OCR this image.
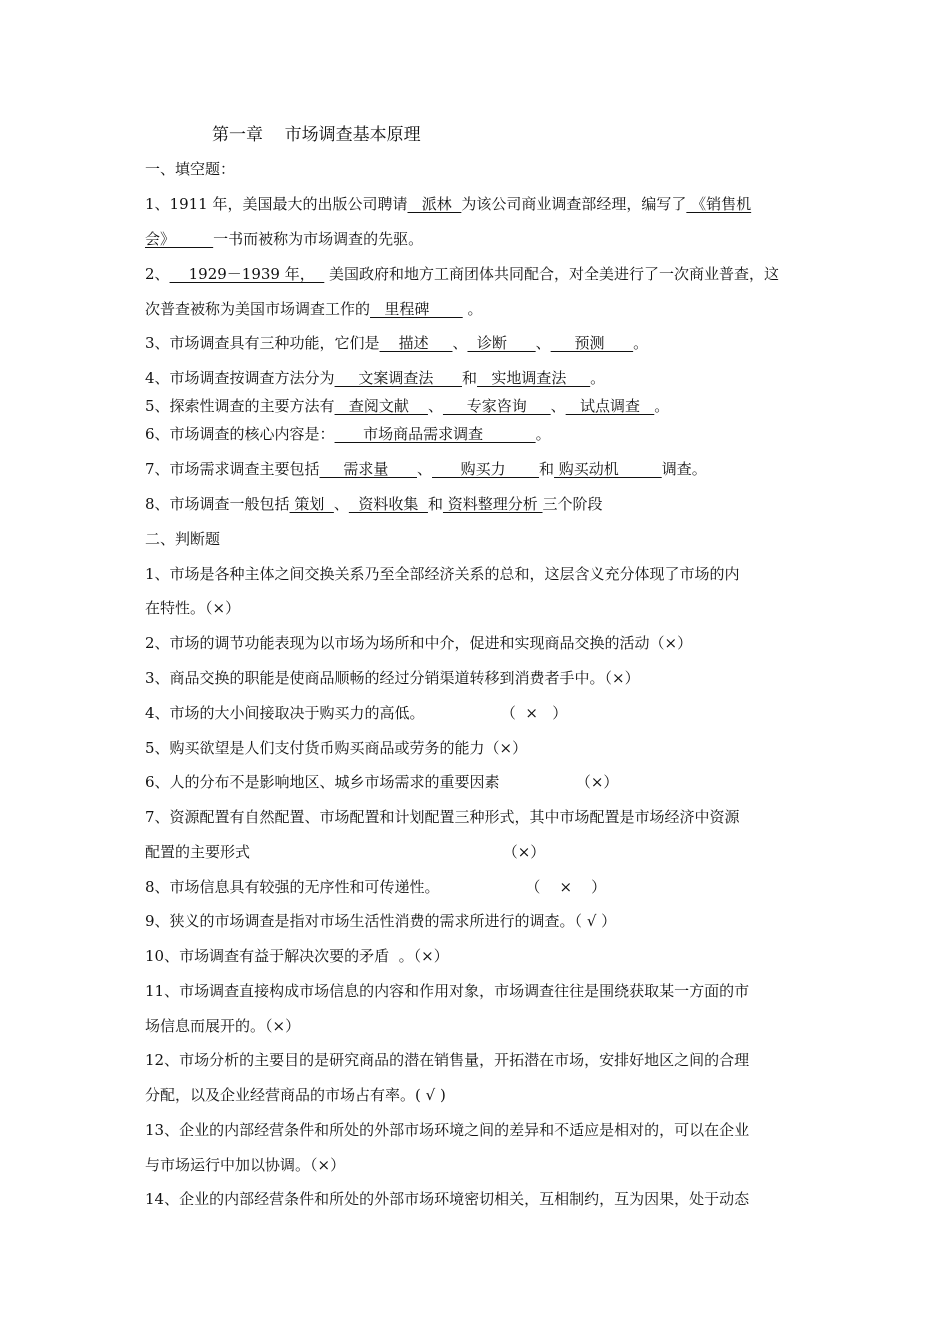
第一章    市场调查基本原理
一、填空题：
1、1911 年，美国最大的出版公司聘请   派林  为该公司商业调查部经理，编写了 《销售机
会》        一书而被称为市场调查的先驱。
2、    1929－1939 年，   美国政府和地方工商团体共同配合，对全美进行了一次商业普查，这
次普查被称为美国市场调查工作的   里程碑        。
3、市场调查具有三种功能，它们是    描述     、  诊断      、     预测      。
4、市场调查按调查方法分为     文案调查法      和   实地调查法     。
5、探索性调查的主要方法有   查阅文献    、     专家咨询     、   试点调查   。
6、市场调查的核心内容是：      市场商品需求调查           。
7、市场需求调查主要包括     需求量      、      购买力       和 购买动机         调查。
8、市场调查一般包括 策划  、  资料收集  和 资料整理分析 三个阶段
二、判断题
1、市场是各种主体之间交换关系乃至全部经济关系的总和，这层含义充分体现了市场的内
在特性。（×）
2、市场的调节功能表现为以市场为场所和中介，促进和实现商品交换的活动（×）
3、商品交换的职能是使商品顺畅的经过分销渠道转移到消费者手中。（×）
4、市场的大小间接取决于购买力的高低。                （  ×   ）
5、购买欲望是人们支付货币购买商品或劳务的能力（×）
6、人的分布不是影响地区、城乡市场需求的重要因素                （×）
7、资源配置有自然配置、市场配置和计划配置三种形式，其中市场配置是市场经济中资源
配置的主要形式                                                     （×）
8、市场信息具有较强的无序性和可传递性。                  （    ×    ）
9、狭义的市场调查是指对市场生活性消费的需求所进行的调查。（ √ ）
10、市场调查有益于解决次要的矛盾  。（×）
11、市场调查直接构成市场信息的内容和作用对象，市场调查往往是围绕获取某一方面的市
场信息而展开的。（×）
12、市场分析的主要目的是研究商品的潜在销售量，开拓潜在市场，安排好地区之间的合理
分配，以及企业经营商品的市场占有率。( √ )
13、企业的内部经营条件和所处的外部市场环境之间的差异和不适应是相对的，可以在企业
与市场运行中加以协调。（×）
14、企业的内部经营条件和所处的外部市场环境密切相关，互相制约，互为因果，处于动态
